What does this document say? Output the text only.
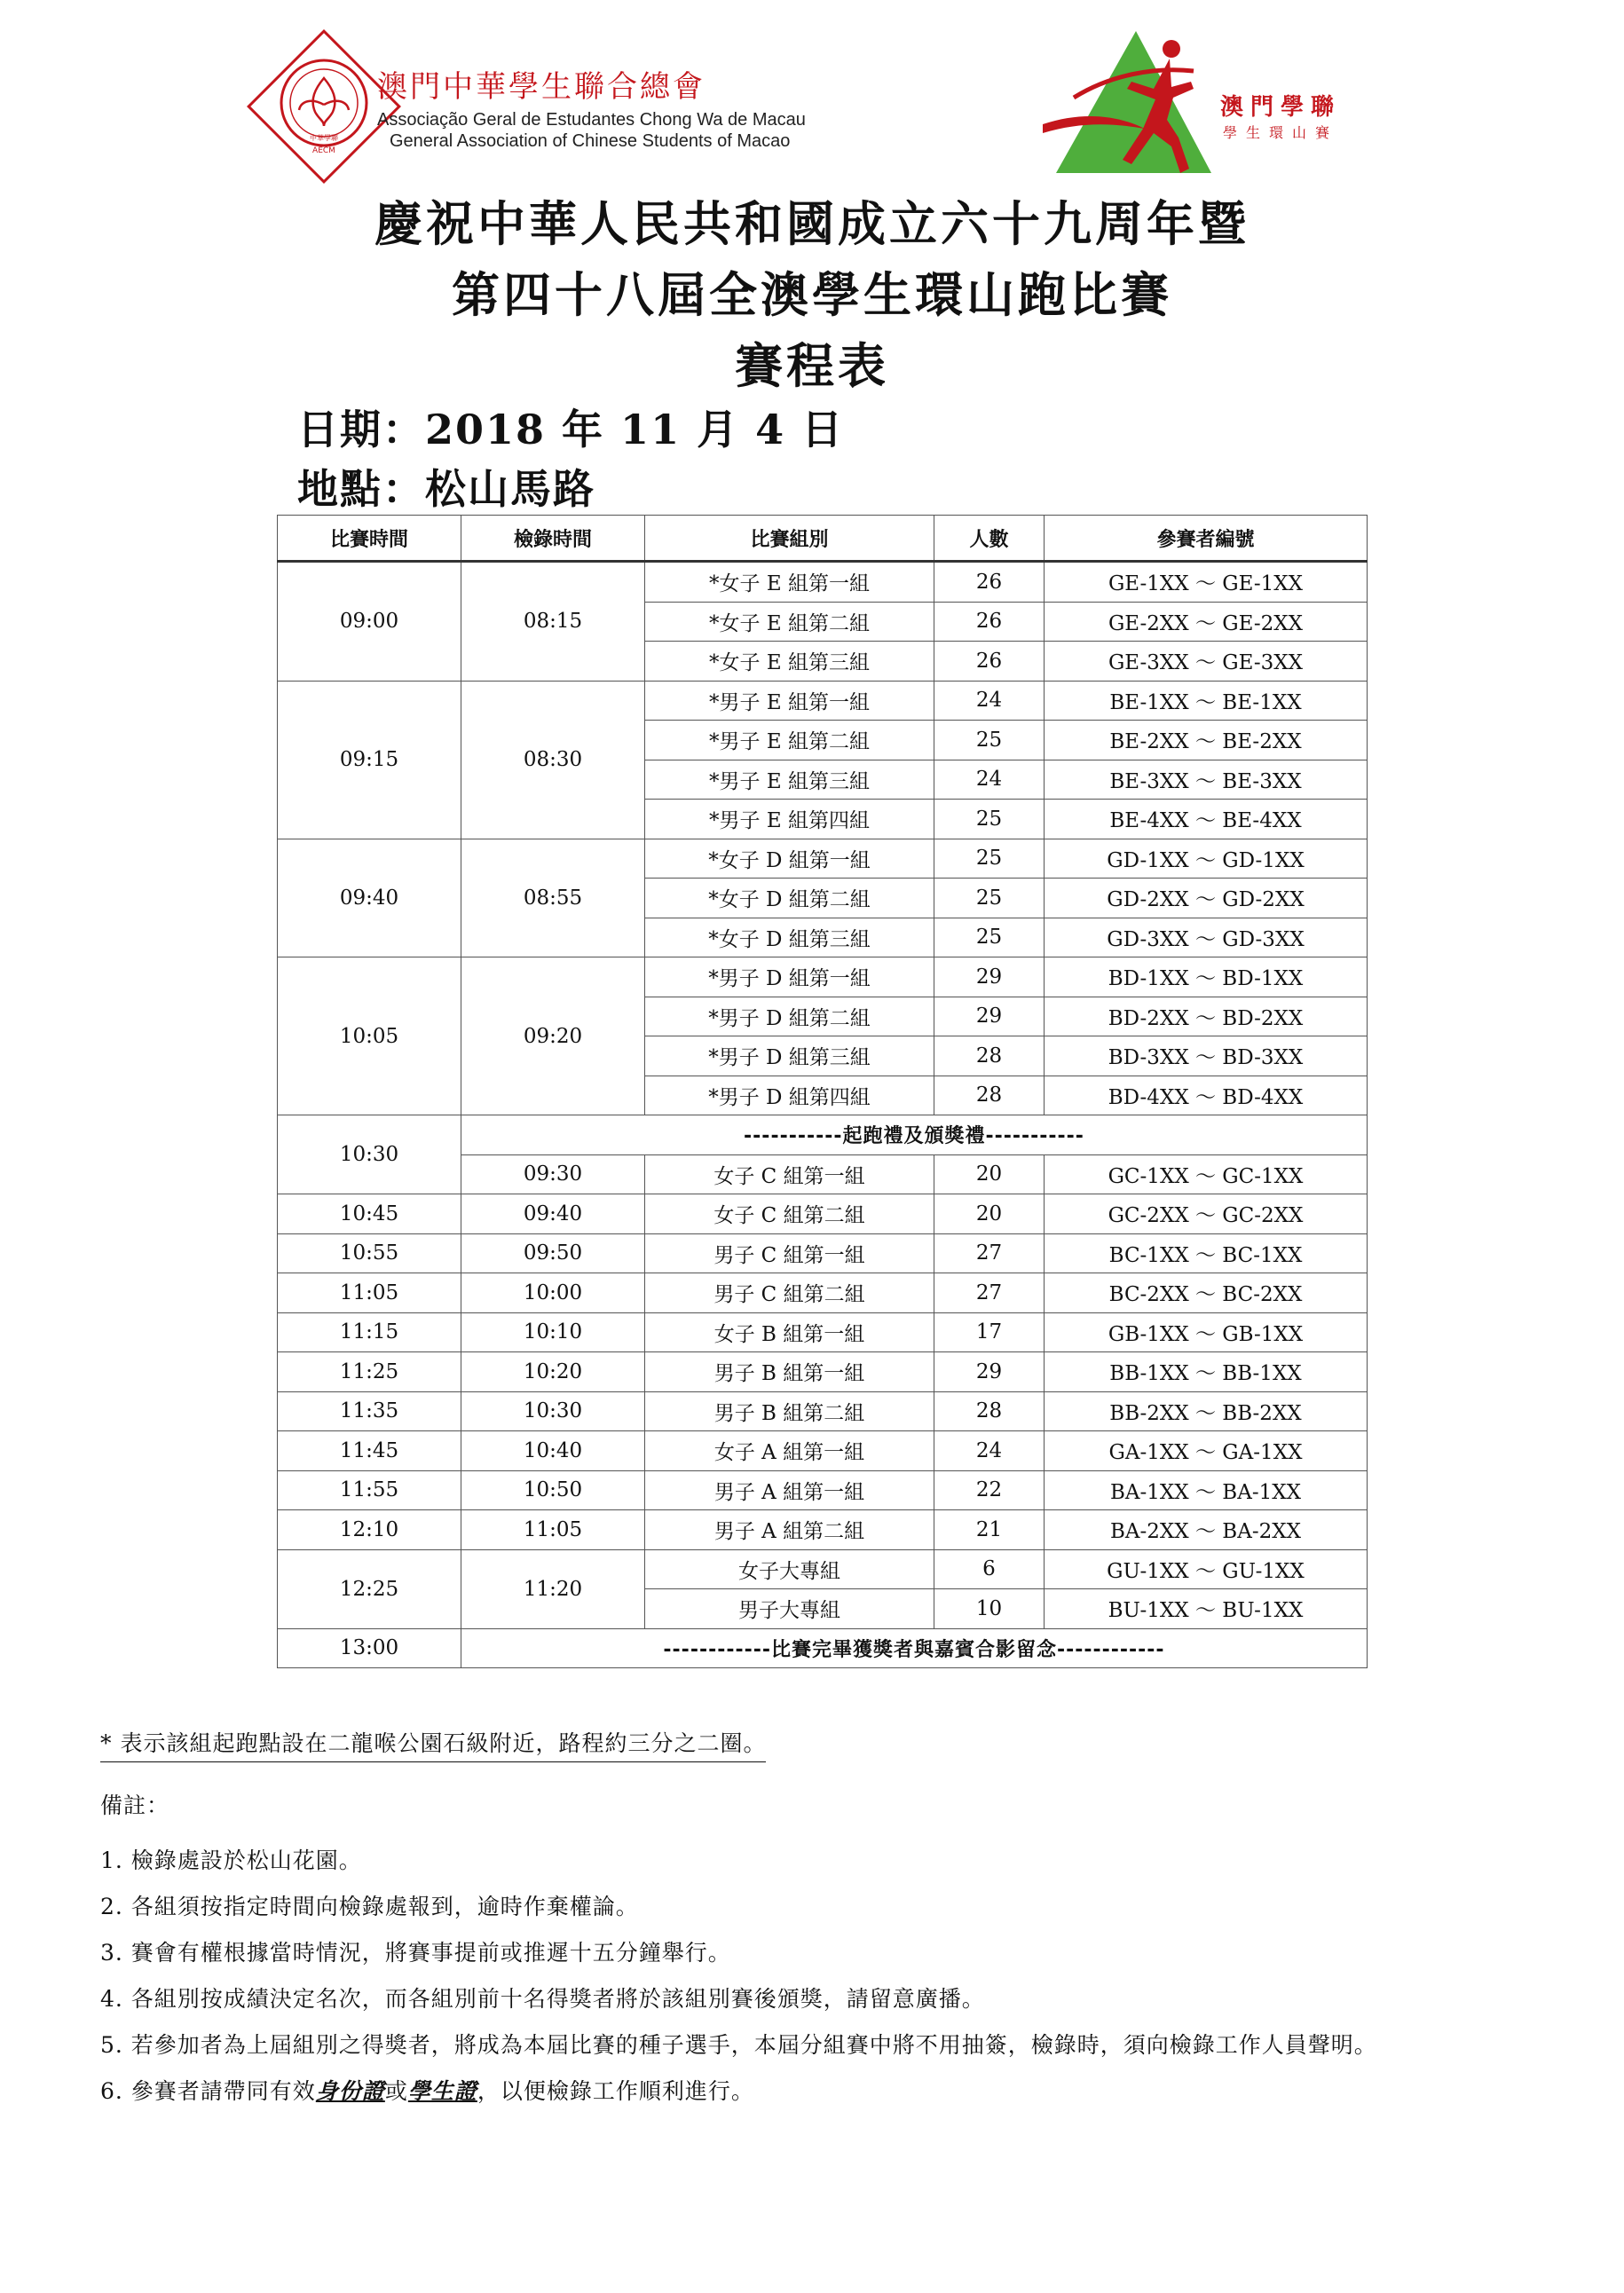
AECM
中華學聯
澳門中華學生聯合總會
Associação Geral de Estudantes Chong Wa de Macau
General Association of Chinese Students of Macao
澳門學聯
學生環山賽
慶祝中華人民共和國成立六十九周年暨
第四十八屆全澳學生環山跑比賽
賽程表
日期：2018 年 11 月 4 日
地點：松山馬路
比賽時間	檢錄時間	比賽組別	人數	參賽者編號
09:00	08:15	*女子 E 組第一組	26	GE-1XX ～ GE-1XX
		*女子 E 組第二組	26	GE-2XX ～ GE-2XX
		*女子 E 組第三組	26	GE-3XX ～ GE-3XX
09:15	08:30	*男子 E 組第一組	24	BE-1XX ～ BE-1XX
		*男子 E 組第二組	25	BE-2XX ～ BE-2XX
		*男子 E 組第三組	24	BE-3XX ～ BE-3XX
		*男子 E 組第四組	25	BE-4XX ～ BE-4XX
09:40	08:55	*女子 D 組第一組	25	GD-1XX ～ GD-1XX
		*女子 D 組第二組	25	GD-2XX ～ GD-2XX
		*女子 D 組第三組	25	GD-3XX ～ GD-3XX
10:05	09:20	*男子 D 組第一組	29	BD-1XX ～ BD-1XX
		*男子 D 組第二組	29	BD-2XX ～ BD-2XX
		*男子 D 組第三組	28	BD-3XX ～ BD-3XX
		*男子 D 組第四組	28	BD-4XX ～ BD-4XX
10:30	-----------起跑禮及頒獎禮-----------			
	09:30	女子 C 組第一組	20	GC-1XX ～ GC-1XX
10:45	09:40	女子 C 組第二組	20	GC-2XX ～ GC-2XX
10:55	09:50	男子 C 組第一組	27	BC-1XX ～ BC-1XX
11:05	10:00	男子 C 組第二組	27	BC-2XX ～ BC-2XX
11:15	10:10	女子 B 組第一組	17	GB-1XX ～ GB-1XX
11:25	10:20	男子 B 組第一組	29	BB-1XX ～ BB-1XX
11:35	10:30	男子 B 組第二組	28	BB-2XX ～ BB-2XX
11:45	10:40	女子 A 組第一組	24	GA-1XX ～ GA-1XX
11:55	10:50	男子 A 組第一組	22	BA-1XX ～ BA-1XX
12:10	11:05	男子 A 組第二組	21	BA-2XX ～ BA-2XX
12:25	11:20	女子大專組	6	GU-1XX ～ GU-1XX
		男子大專組	10	BU-1XX ～ BU-1XX
13:00	------------比賽完畢獲獎者與嘉賓合影留念------------			
* 表示該組起跑點設在二龍喉公園石級附近，路程約三分之二圈。
備註：
1. 檢錄處設於松山花園。
2. 各組須按指定時間向檢錄處報到，逾時作棄權論。
3. 賽會有權根據當時情況，將賽事提前或推遲十五分鐘舉行。
4. 各組別按成績決定名次，而各組別前十名得獎者將於該組別賽後頒獎，請留意廣播。
5. 若參加者為上屆組別之得獎者，將成為本屆比賽的種子選手，本屆分組賽中將不用抽簽，檢錄時，須向檢錄工作人員聲明。
6. 參賽者請帶同有效身份證或學生證，以便檢錄工作順利進行。
